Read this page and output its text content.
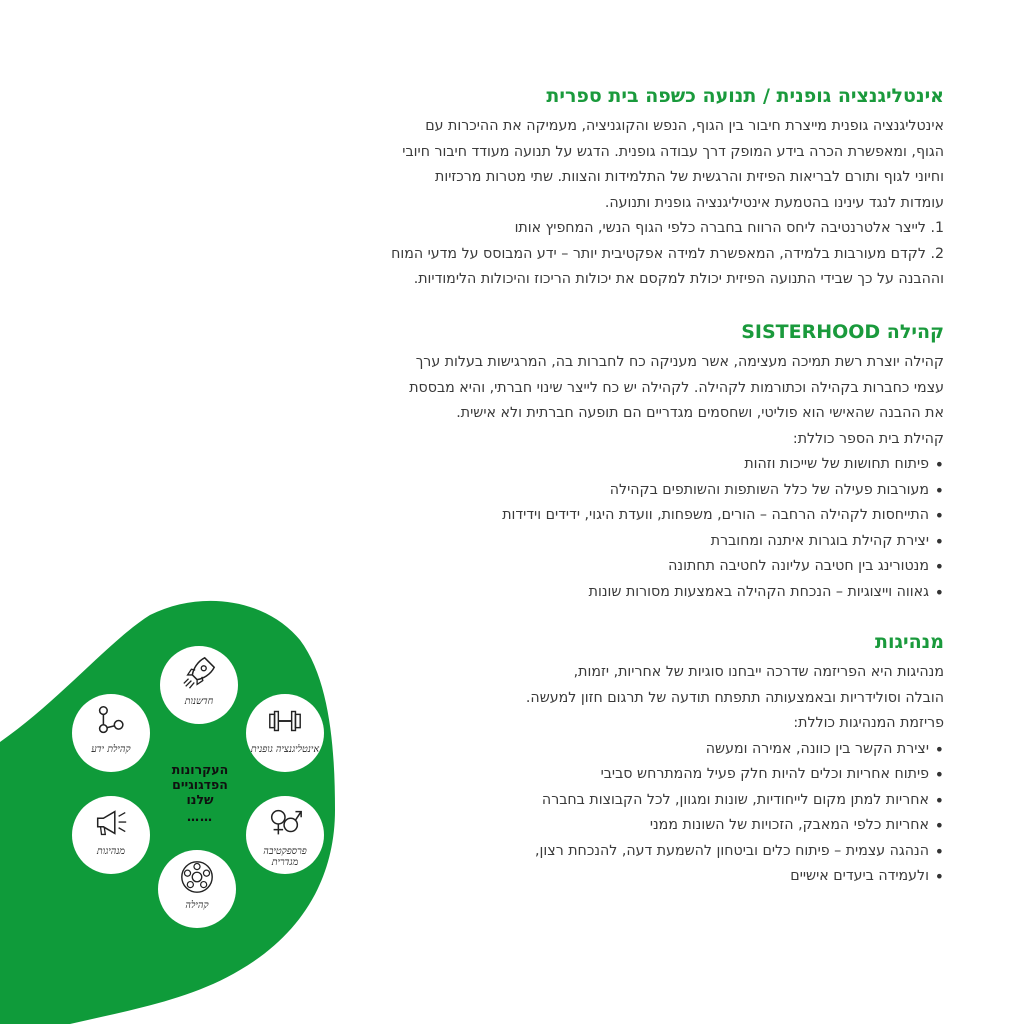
אינטליגנציה גופנית / תנועה כשפה בית ספרית

אינטליגנציה גופנית מייצרת חיבור בין הגוף, הנפש והקוגניציה, מעמיקה את ההיכרות עם

הגוף, ומאפשרת הכרה בידע המופק דרך עבודה גופנית. הדגש על תנועה מעודד חיבור חיובי

וחיוני לגוף ותורם לבריאות הפיזית והרגשית של התלמידות והצוות. שתי מטרות מרכזיות

עומדות לנגד עינינו בהטמעת אינטיליגנציה גופנית ותנועה.

1. לייצר אלטרנטיבה ליחס הרווח בחברה כלפי הגוף הנשי, המחפיץ אותו

2. לקדם מעורבות בלמידה, המאפשרת למידה אפקטיבית יותר – ידע המבוסס על מדעי המוח

וההבנה על כך שבידי התנועה הפיזית יכולת למקסם את יכולות הריכוז והיכולות הלימודיות.

קהילה SISTERHOOD

קהילה יוצרת רשת תמיכה מעצימה, אשר מעניקה כח לחברות בה, המרגישות בעלות ערך

עצמי כחברות בקהילה וכתורמות לקהילה. לקהילה יש כח לייצר שינוי חברתי, והיא מבססת

את ההבנה שהאישי הוא פוליטי, ושחסמים מגדריים הם תופעה חברתית ולא אישית.

קהילת בית הספר כוללת:

• פיתוח תחושות של שייכות וזהות
• מעורבות פעילה של כלל השותפות והשותפים בקהילה
• התייחסות לקהילה הרחבה – הורים, משפחות, וועדת היגוי, ידידים וידידות
• יצירת קהילת בוגרות איתנה ומחוברת
• מנטורינג בין חטיבה עליונה לחטיבה תחתונה
• גאווה וייצוגיות – הנכחת הקהילה באמצעות מסורות שונות
מנהיגות

מנהיגות היא הפריזמה שדרכה ייבחנו סוגיות של אחריות, יזמות,

הובלה וסולידריות ובאמצעותה תתפתח תודעה של תרגום חזון למעשה.

פריזמת המנהיגות כוללת:

• יצירת הקשר בין כוונה, אמירה ומעשה
• פיתוח אחריות וכלים להיות חלק פעיל מהמתרחש סביבי
• אחריות למתן מקום לייחודיות, שונות ומגוון, לכל הקבוצות בחברה
• אחריות כלפי המאבק, הזכויות של השונות ממני
• הנהגה עצמית – פיתוח כלים וביטחון להשמעת דעה, להנכחת רצון,
• ולעמידה ביעדים אישיים
חדשנות
אינטליגנציה גופנית
פרספקטיבה מגדרית
קהילה
מנהיגות
קהילת ידע
העקרונות
הפדגוגיים
שלנו
……
